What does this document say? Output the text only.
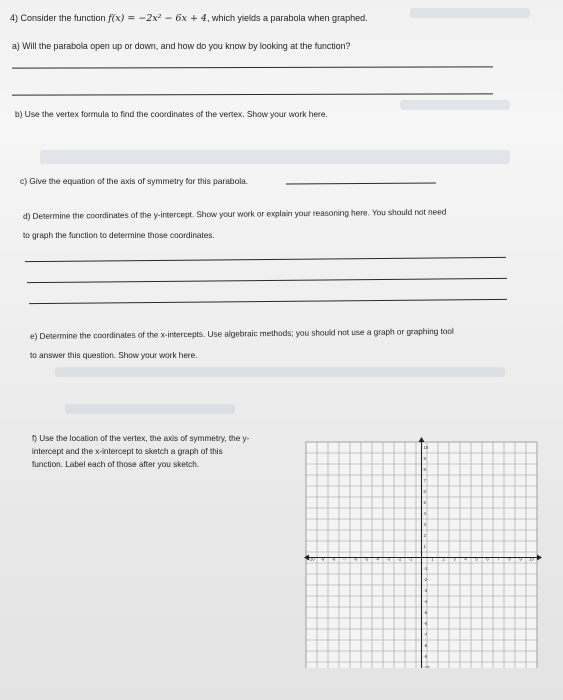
4) Consider the function f(x) = −2x² − 6x + 4, which yields a parabola when graphed.
a) Will the parabola open up or down, and how do you know by looking at the function?
b) Use the vertex formula to find the coordinates of the vertex. Show your work here.
c) Give the equation of the axis of symmetry for this parabola.
d) Determine the coordinates of the y-intercept. Show your work or explain your reasoning here. You should not need
to graph the function to determine those coordinates.
e) Determine the coordinates of the x-intercepts. Use algebraic methods; you should not use a graph or graphing tool
to answer this question. Show your work here.
f) Use the location of the vertex, the axis of symmetry, the y-
intercept and the x-intercept to sketch a graph of this
function. Label each of those after you sketch.
-10 -9 -8 -7 -6 -5 -4 -3 -2 -1	1 2 3 4 5 6 7 8 9 10
10
9
8
7
6
5
4
3
2
1
-1
-2
-3
-4
-5
-6
-7
-8
-9
-10
